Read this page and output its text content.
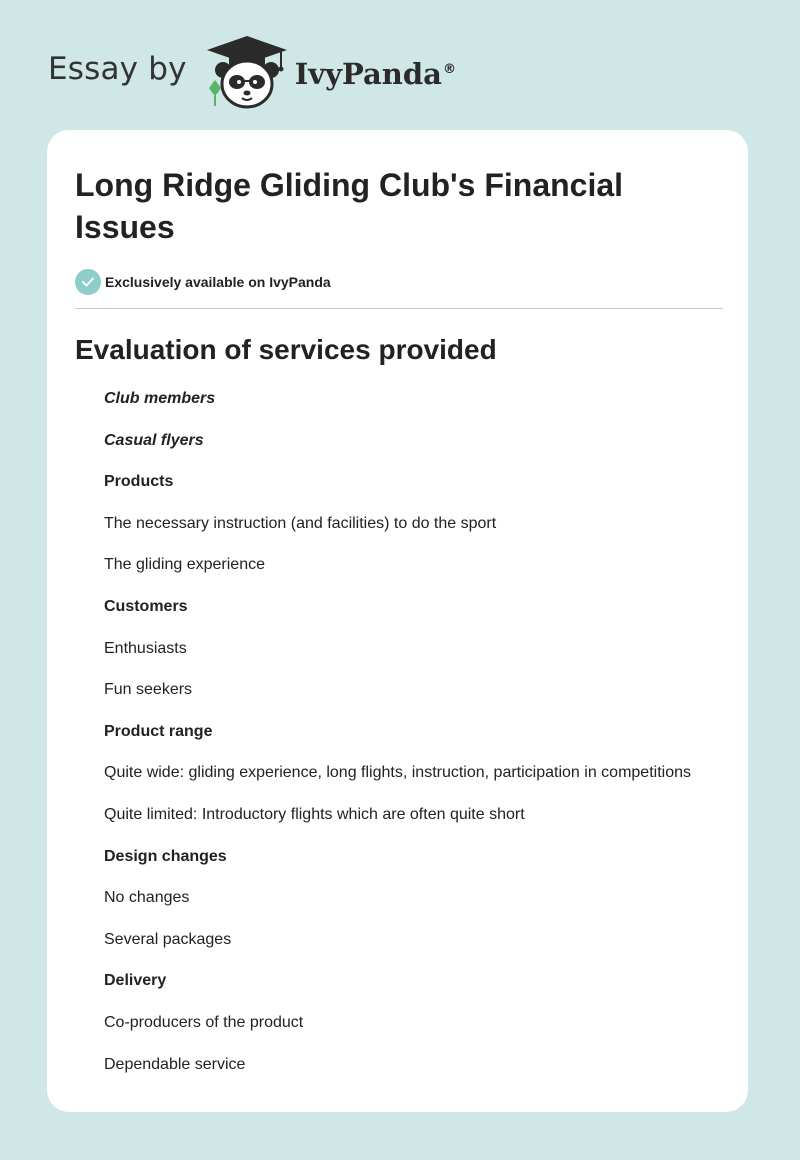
Essay by	IvyPanda®
Long Ridge Gliding Club's Financial Issues
Exclusively available on IvyPanda
Evaluation of services provided
Club members
Casual flyers
Products
The necessary instruction (and facilities) to do the sport
The gliding experience
Customers
Enthusiasts
Fun seekers
Product range
Quite wide: gliding experience, long flights, instruction, participation in competitions
Quite limited: Introductory flights which are often quite short
Design changes
No changes
Several packages
Delivery
Co-producers of the product
Dependable service
